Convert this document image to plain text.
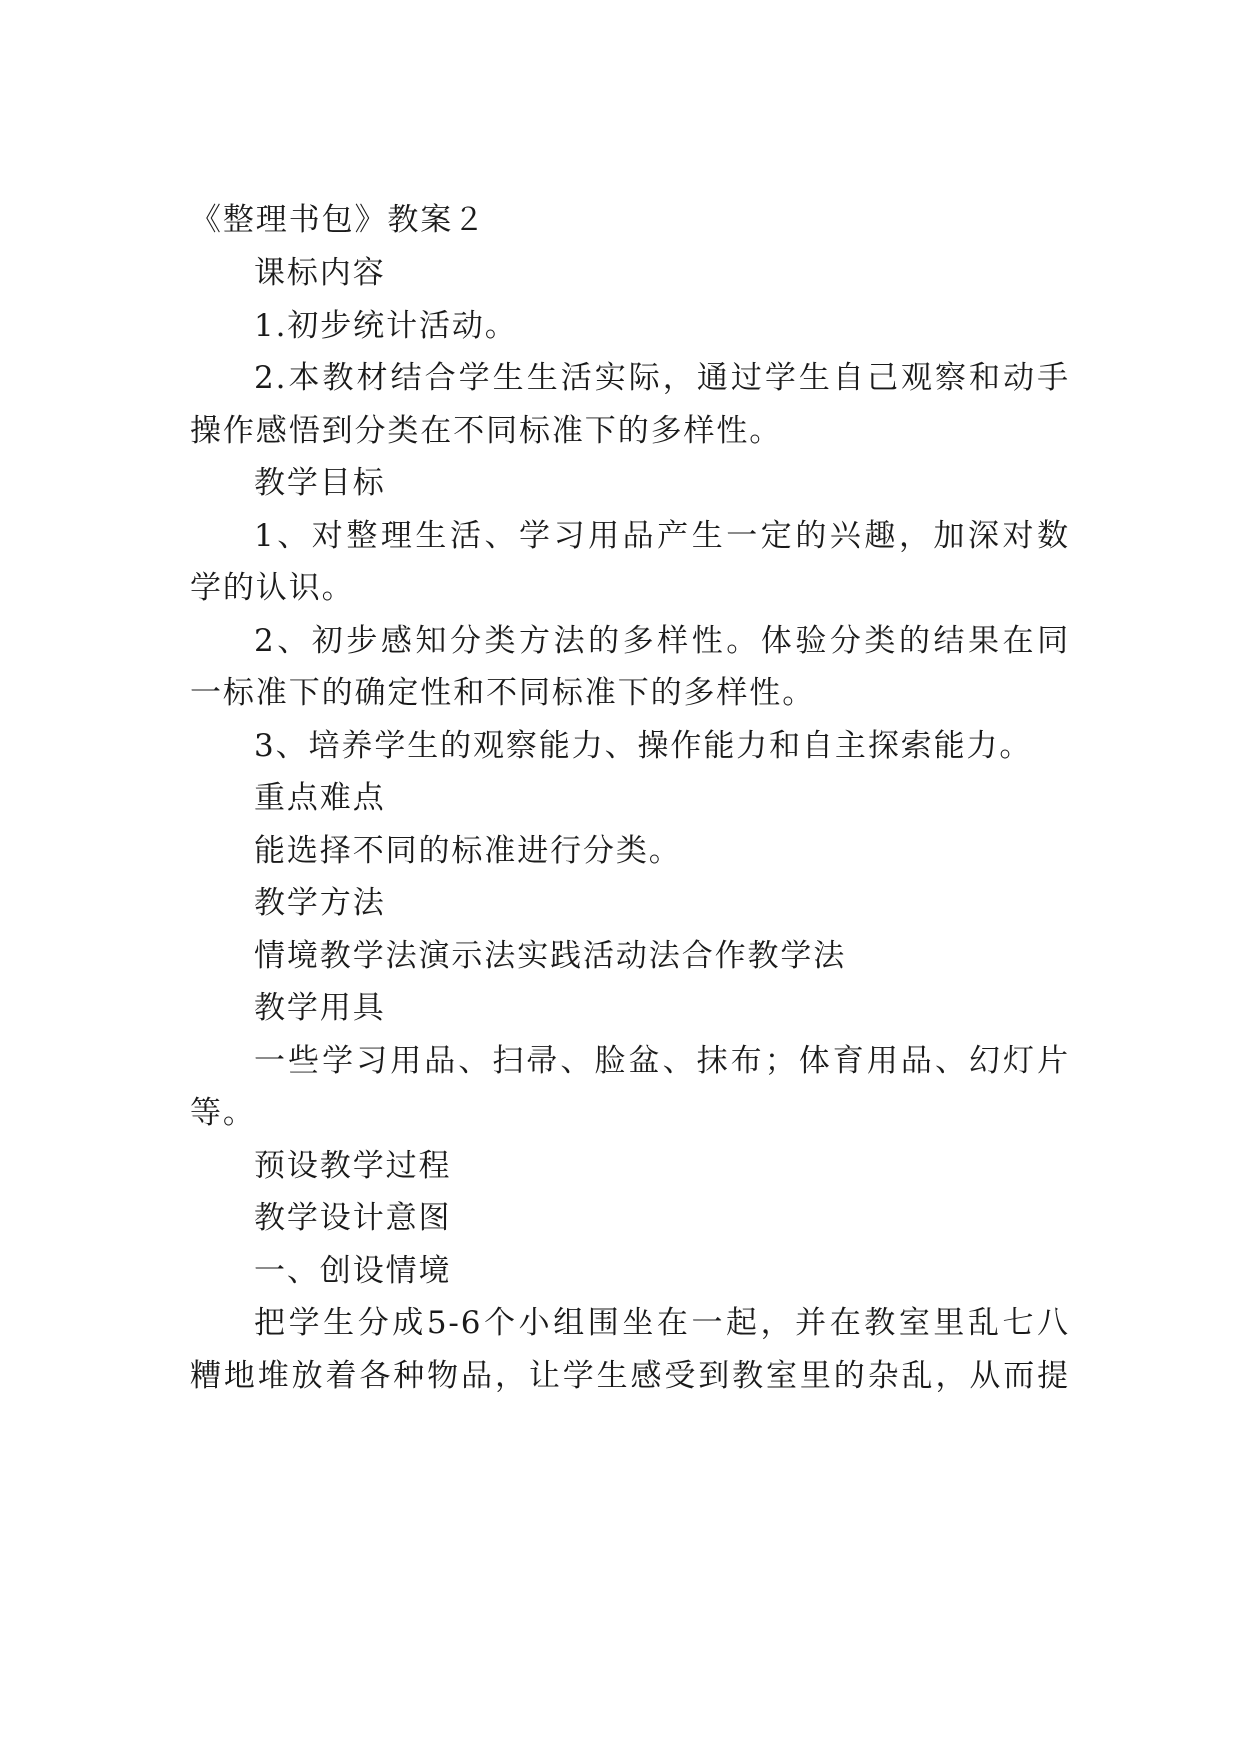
《整理书包》教案２
课标内容
1.初步统计活动。
2.本教材结合学生生活实际，通过学生自己观察和动手
操作感悟到分类在不同标准下的多样性。
教学目标
1、对整理生活、学习用品产生一定的兴趣，加深对数
学的认识。
2、初步感知分类方法的多样性。体验分类的结果在同
一标准下的确定性和不同标准下的多样性。
3、培养学生的观察能力、操作能力和自主探索能力。
重点难点
能选择不同的标准进行分类。
教学方法
情境教学法演示法实践活动法合作教学法
教学用具
一些学习用品、扫帚、脸盆、抹布；体育用品、幻灯片
等。
预设教学过程
教学设计意图
一、创设情境
把学生分成5-6个小组围坐在一起，并在教室里乱七八
糟地堆放着各种物品，让学生感受到教室里的杂乱，从而提
